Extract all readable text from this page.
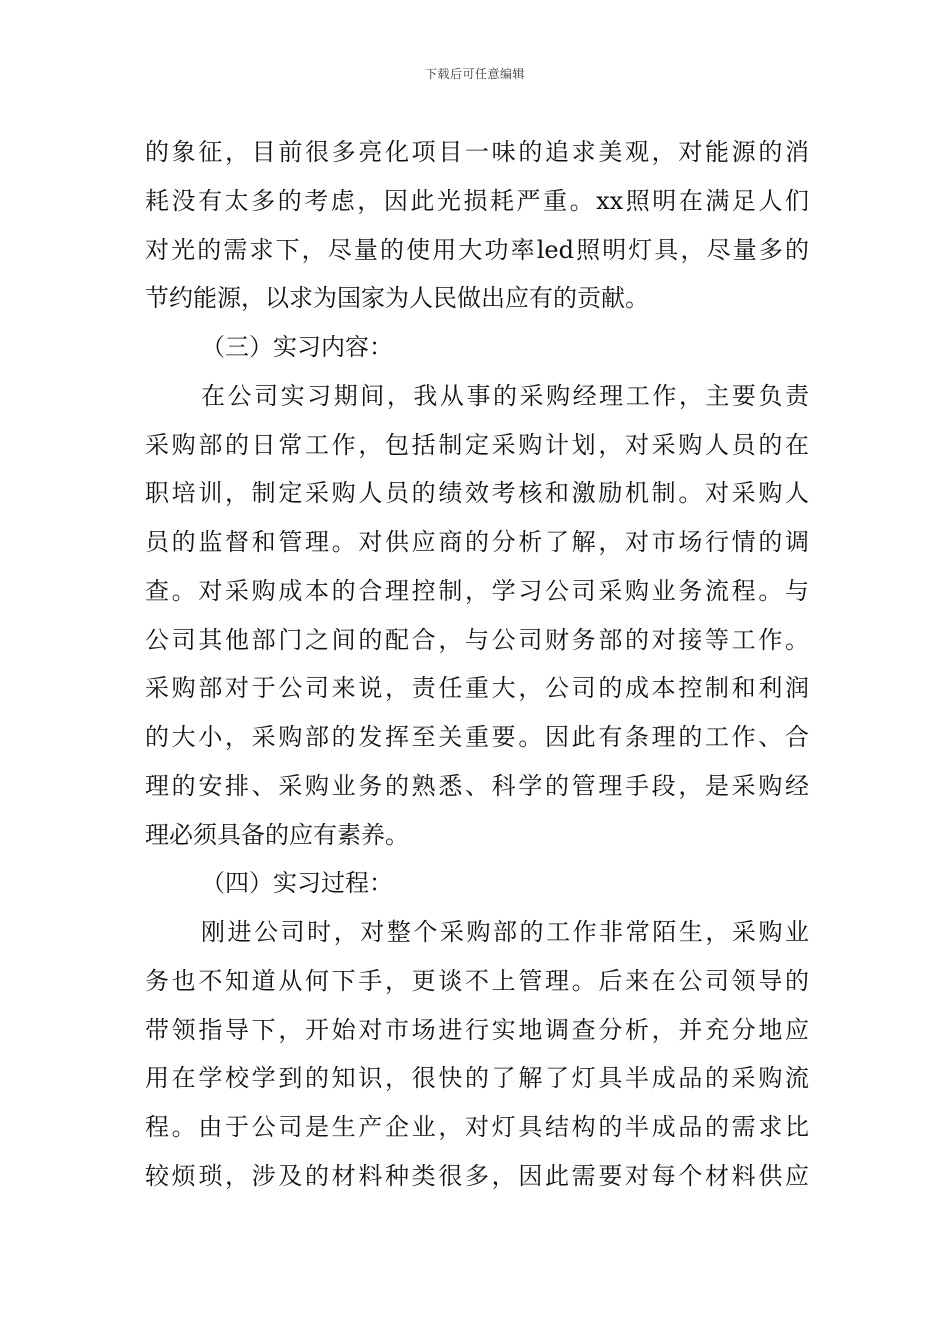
下载后可任意编辑
的象征，目前很多亮化项目一味的追求美观，对能源的消
耗没有太多的考虑，因此光损耗严重。xx照明在满足人们
对光的需求下，尽量的使用大功率led照明灯具，尽量多的
节约能源，以求为国家为人民做出应有的贡献。
（三）实习内容：
在公司实习期间，我从事的采购经理工作，主要负责
采购部的日常工作，包括制定采购计划，对采购人员的在
职培训，制定采购人员的绩效考核和激励机制。对采购人
员的监督和管理。对供应商的分析了解，对市场行情的调
查。对采购成本的合理控制，学习公司采购业务流程。与
公司其他部门之间的配合，与公司财务部的对接等工作。
采购部对于公司来说，责任重大，公司的成本控制和利润
的大小，采购部的发挥至关重要。因此有条理的工作、合
理的安排、采购业务的熟悉、科学的管理手段，是采购经
理必须具备的应有素养。
（四）实习过程：
刚进公司时，对整个采购部的工作非常陌生，采购业
务也不知道从何下手，更谈不上管理。后来在公司领导的
带领指导下，开始对市场进行实地调查分析，并充分地应
用在学校学到的知识，很快的了解了灯具半成品的采购流
程。由于公司是生产企业，对灯具结构的半成品的需求比
较烦琐，涉及的材料种类很多，因此需要对每个材料供应
